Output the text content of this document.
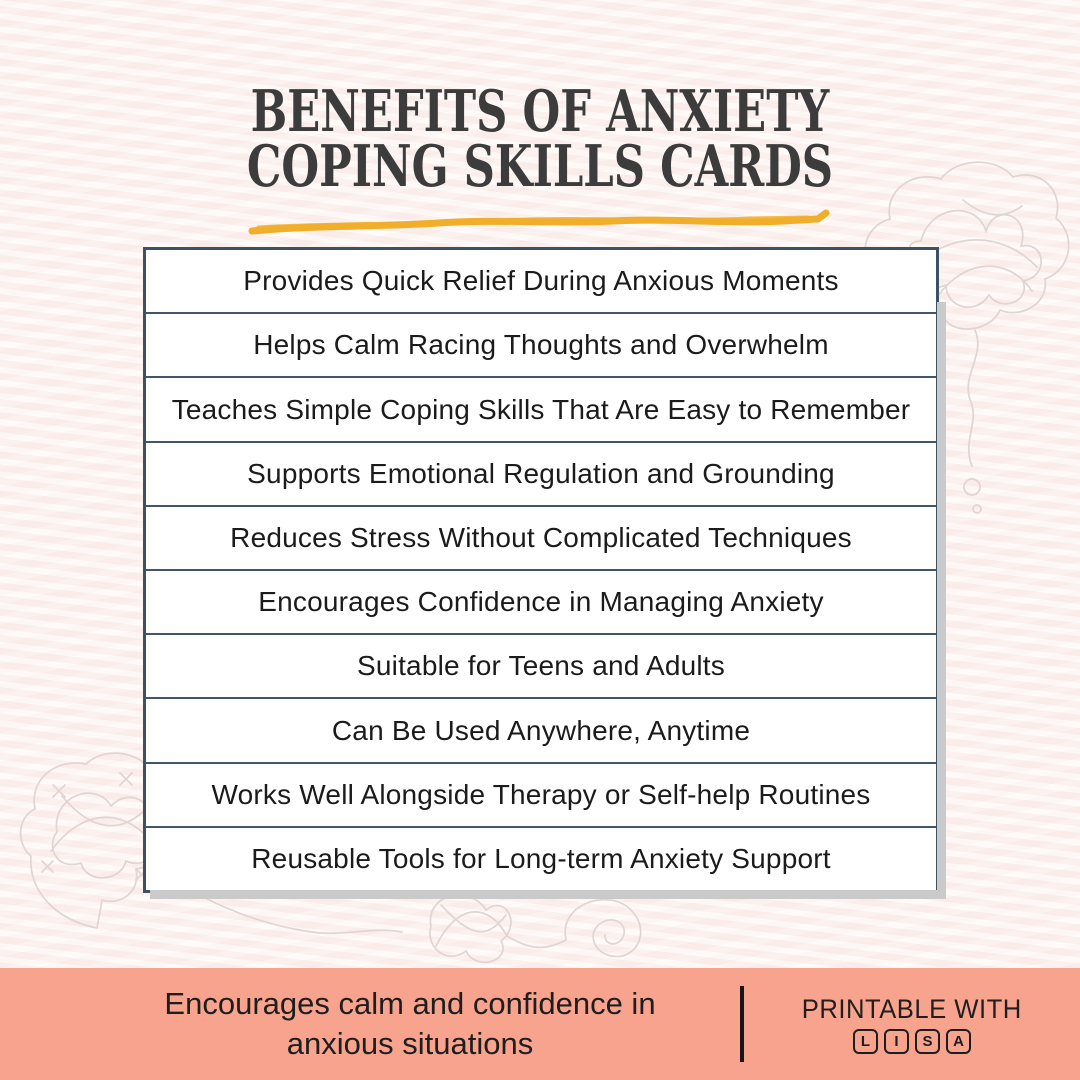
BENEFITS OF ANXIETY
COPING SKILLS CARDS
Provides Quick Relief During Anxious Moments
Helps Calm Racing Thoughts and Overwhelm
Teaches Simple Coping Skills That Are Easy to Remember
Supports Emotional Regulation and Grounding
Reduces Stress Without Complicated Techniques
Encourages Confidence in Managing Anxiety
Suitable for Teens and Adults
Can Be Used Anywhere, Anytime
Works Well Alongside Therapy or Self-help Routines
Reusable Tools for Long-term Anxiety Support
Encourages calm and confidence in
anxious situations
PRINTABLE WITH
L	I	S	A
